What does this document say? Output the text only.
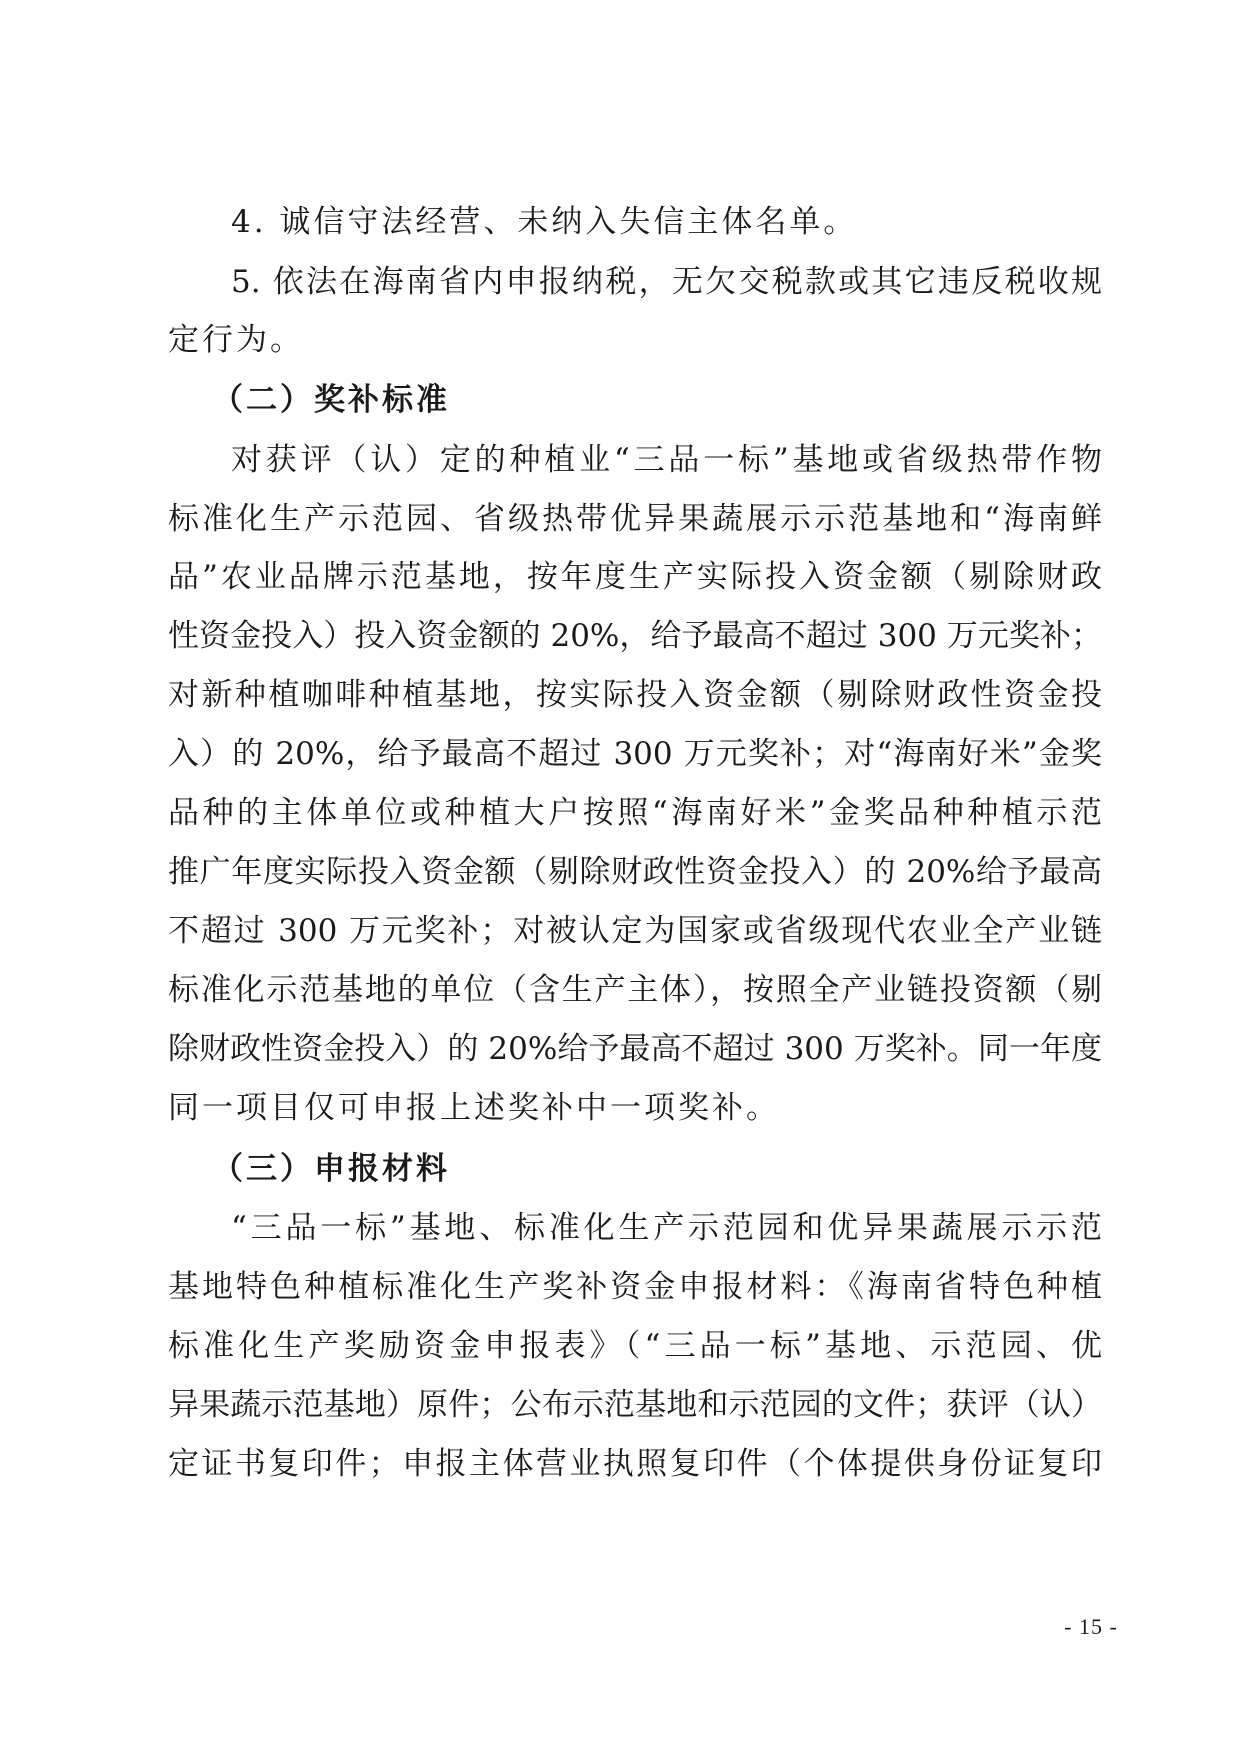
4. 诚信守法经营、未纳入失信主体名单。
5. 依法在海南省内申报纳税，无欠交税款或其它违反税收规
定行为。
（二）奖补标准
对获评（认）定的种植业“三品一标”基地或省级热带作物
标准化生产示范园、省级热带优异果蔬展示示范基地和“海南鲜
品”农业品牌示范基地，按年度生产实际投入资金额（剔除财政
性资金投入）投入资金额的 20%，给予最高不超过 300 万元奖补；
对新种植咖啡种植基地，按实际投入资金额（剔除财政性资金投
入）的 20%，给予最高不超过 300 万元奖补；对“海南好米”金奖
品种的主体单位或种植大户按照“海南好米”金奖品种种植示范
推广年度实际投入资金额（剔除财政性资金投入）的 20%给予最高
不超过 300 万元奖补；对被认定为国家或省级现代农业全产业链
标准化示范基地的单位（含生产主体），按照全产业链投资额（剔
除财政性资金投入）的 20%给予最高不超过 300 万奖补。同一年度
同一项目仅可申报上述奖补中一项奖补。
（三）申报材料
“三品一标”基地、标准化生产示范园和优异果蔬展示示范
基地特色种植标准化生产奖补资金申报材料：《海南省特色种植
标准化生产奖励资金申报表》（“三品一标”基地、示范园、优
异果蔬示范基地）原件；公布示范基地和示范园的文件；获评（认）
定证书复印件；申报主体营业执照复印件（个体提供身份证复印
- 15 -
